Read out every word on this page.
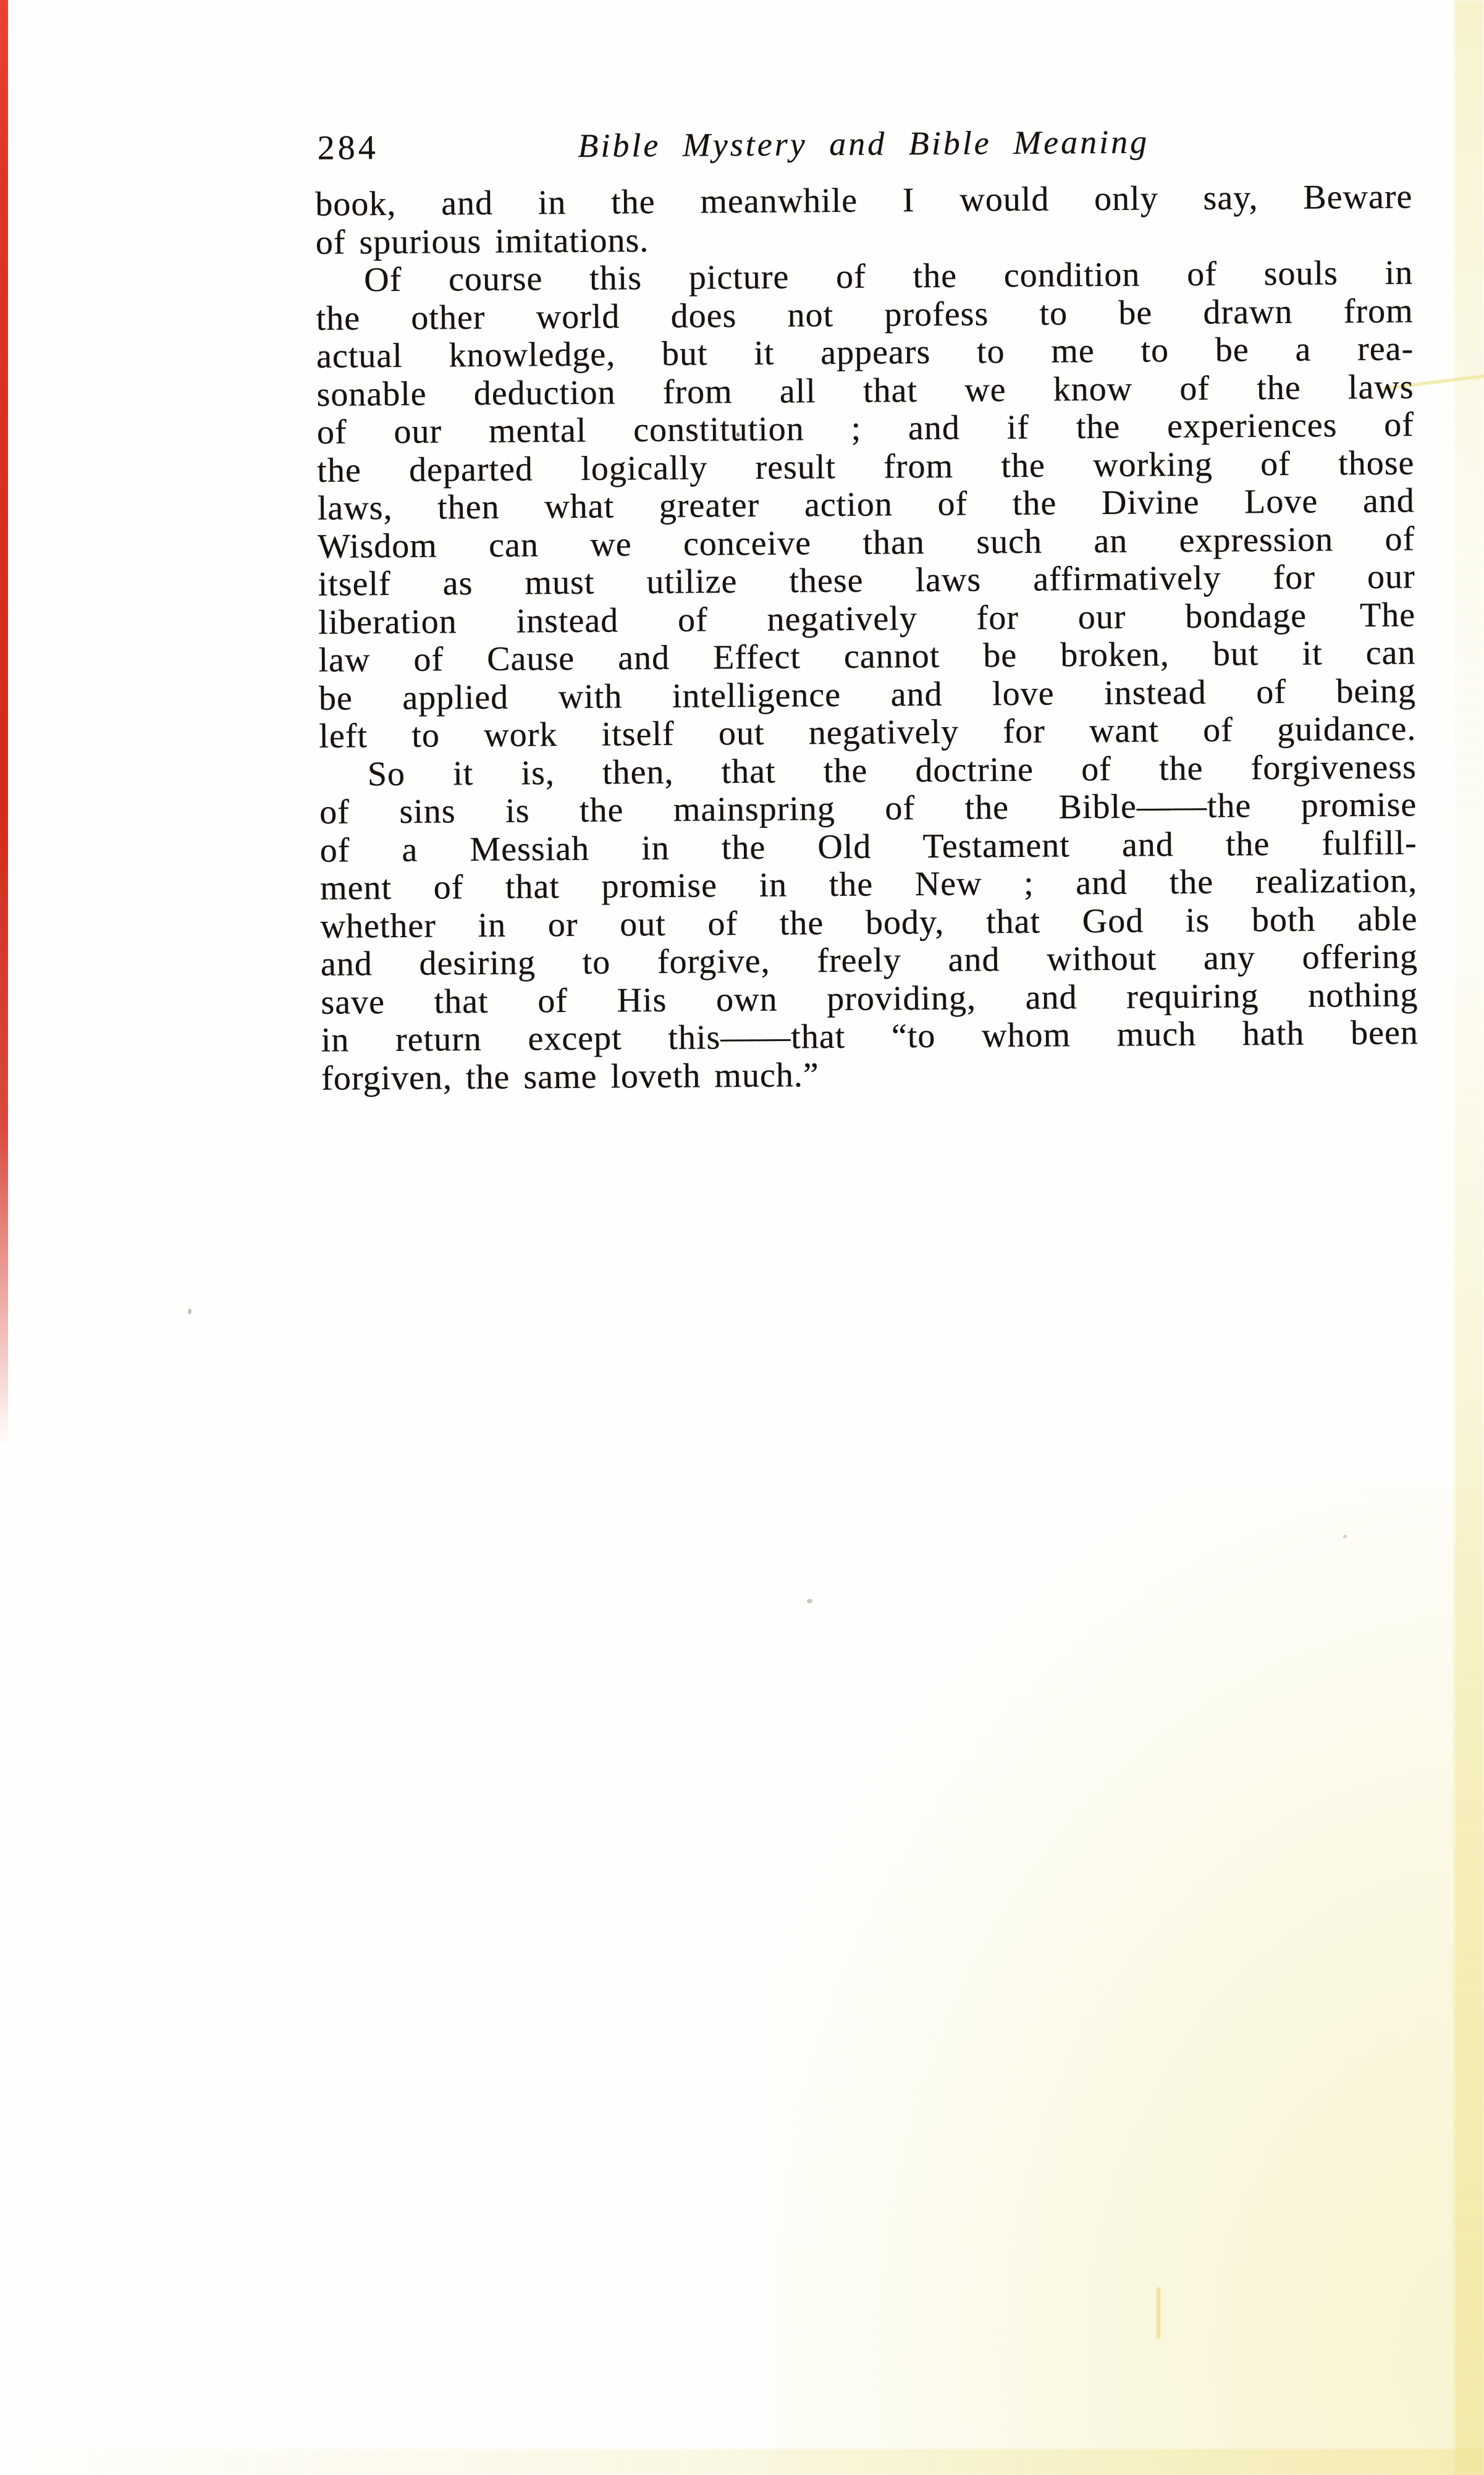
284	Bible Mystery and Bible Meaning
book, and in the meanwhile I would only say, Beware
of spurious imitations.
Of course this picture of the condition of souls in
the other world does not profess to be drawn from
actual knowledge, but it appears to me to be a rea-
sonable deduction from all that we know of the laws
of our mental constitution ; and if the experiences of
the departed logically result from the working of those
laws, then what greater action of the Divine Love and
Wisdom can we conceive than such an expression of
itself as must utilize these laws affirmatively for our
liberation instead of negatively for our bondage  The
law of Cause and Effect cannot be broken, but it can
be applied with intelligence and love instead of being
left to work itself out negatively for want of guidance.
So it is, then, that the doctrine of the forgiveness
of sins is the mainspring of the Bible——the promise
of a Messiah in the Old Testament and the fulfill-
ment of that promise in the New ; and the realization,
whether in or out of the body, that God is both able
and desiring to forgive, freely and without any offering
save that of His own providing, and requiring nothing
in return except this——that “to whom much hath been
forgiven, the same loveth much.”
